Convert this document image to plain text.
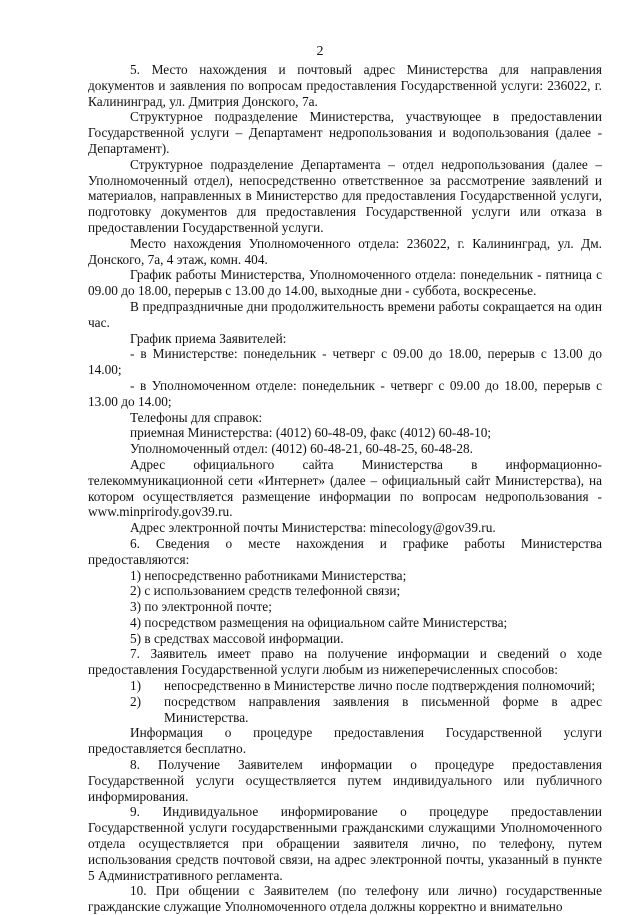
2

5. Место нахождения и почтовый адрес Министерства для направления документов и заявления по вопросам предоставления Государственной услуги: 236022, г. Калининград, ул. Дмитрия Донского, 7а.

Структурное подразделение Министерства, участвующее в предоставлении Государственной услуги – Департамент недропользования и водопользования (далее - Департамент).

Структурное подразделение Департамента – отдел недропользования (далее – Уполномоченный отдел), непосредственно ответственное за рассмотрение заявлений и материалов, направленных в Министерство для предоставления Государственной услуги, подготовку документов для предоставления Государственной услуги или отказа в предоставлении Государственной услуги.

Место нахождения Уполномоченного отдела: 236022, г. Калининград, ул. Дм. Донского, 7а, 4 этаж, комн. 404.

График работы Министерства, Уполномоченного отдела: понедельник - пятница с 09.00 до 18.00, перерыв с 13.00 до 14.00, выходные дни - суббота, воскресенье.

В предпраздничные дни продолжительность времени работы сокращается на один час.

График приема Заявителей:

- в Министерстве: понедельник - четверг с 09.00 до 18.00, перерыв с 13.00 до 14.00;

- в Уполномоченном отделе: понедельник - четверг с 09.00 до 18.00, перерыв с 13.00 до 14.00;

Телефоны для справок:

приемная Министерства: (4012) 60-48-09, факс (4012) 60-48-10;

Уполномоченный отдел: (4012) 60-48-21, 60-48-25, 60-48-28.

Адрес официального сайта Министерства в информационно-телекоммуникационной сети «Интернет» (далее – официальный сайт Министерства), на котором осуществляется размещение информации по вопросам недропользования - www.minprirody.gov39.ru.

Адрес электронной почты Министерства: minecology@gov39.ru.

6. Сведения о месте нахождения и графике работы Министерства предоставляются:

1) непосредственно работниками Министерства;

2) с использованием средств телефонной связи;

3) по электронной почте;

4) посредством размещения на официальном сайте Министерства;

5) в средствах массовой информации.

7. Заявитель имеет право на получение информации и сведений о ходе предоставления Государственной услуги любым из нижеперечисленных способов:

1)	непосредственно в Министерстве лично после подтверждения полномочий;
2)	посредством направления заявления в письменной форме в адрес Министерства.

Информация о процедуре предоставления Государственной услуги предоставляется бесплатно.

8. Получение Заявителем информации о процедуре предоставления Государственной услуги осуществляется путем индивидуального или публичного информирования.

9. Индивидуальное информирование о процедуре предоставлении Государственной услуги государственными гражданскими служащими Уполномоченного отдела осуществляется при обращении заявителя лично, по телефону, путем использования средств почтовой связи, на адрес электронной почты, указанный в пункте 5 Административного регламента.

10. При общении с Заявителем (по телефону или лично) государственные гражданские служащие Уполномоченного отдела должны корректно и внимательно
